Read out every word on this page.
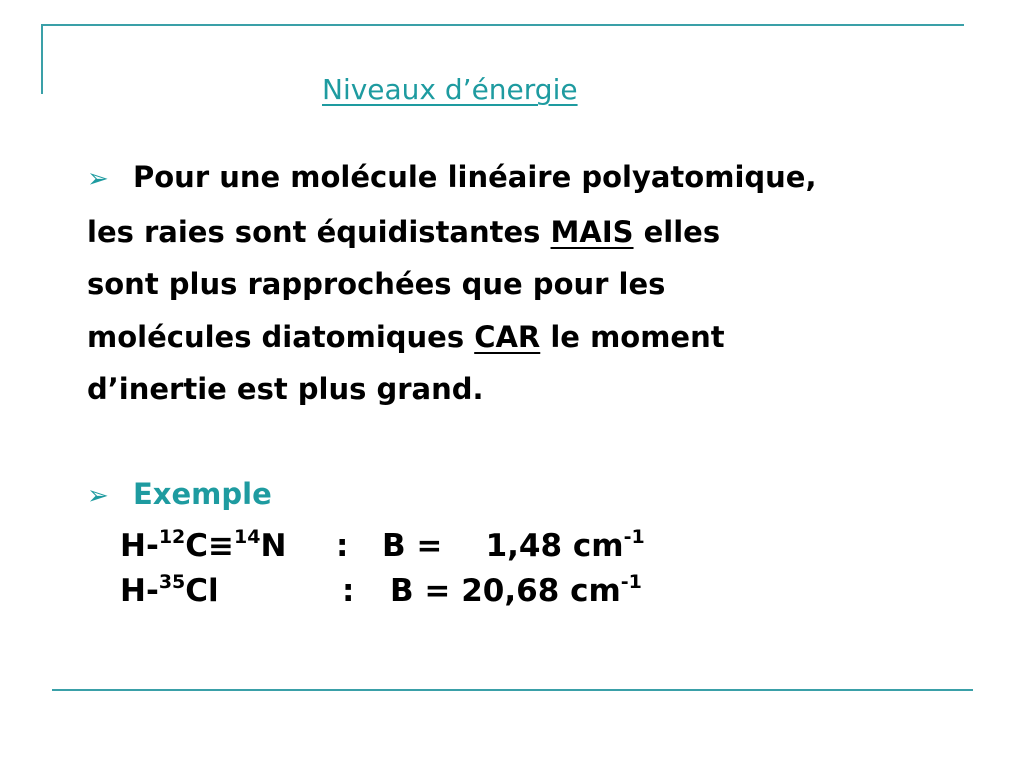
Niveaux d’énergie
➢ Pour une molécule linéaire polyatomique,
les raies sont équidistantes MAIS elles
sont plus rapprochées que pour les
molécules diatomiques CAR le moment
d’inertie est plus grand.
➢ Exemple
H-$^{12}$C≡$^{14}$N : B = 1,48 $cm^{-1}$
H-$^{35}$Cl	: B = 20,68 $cm^{-1}$
